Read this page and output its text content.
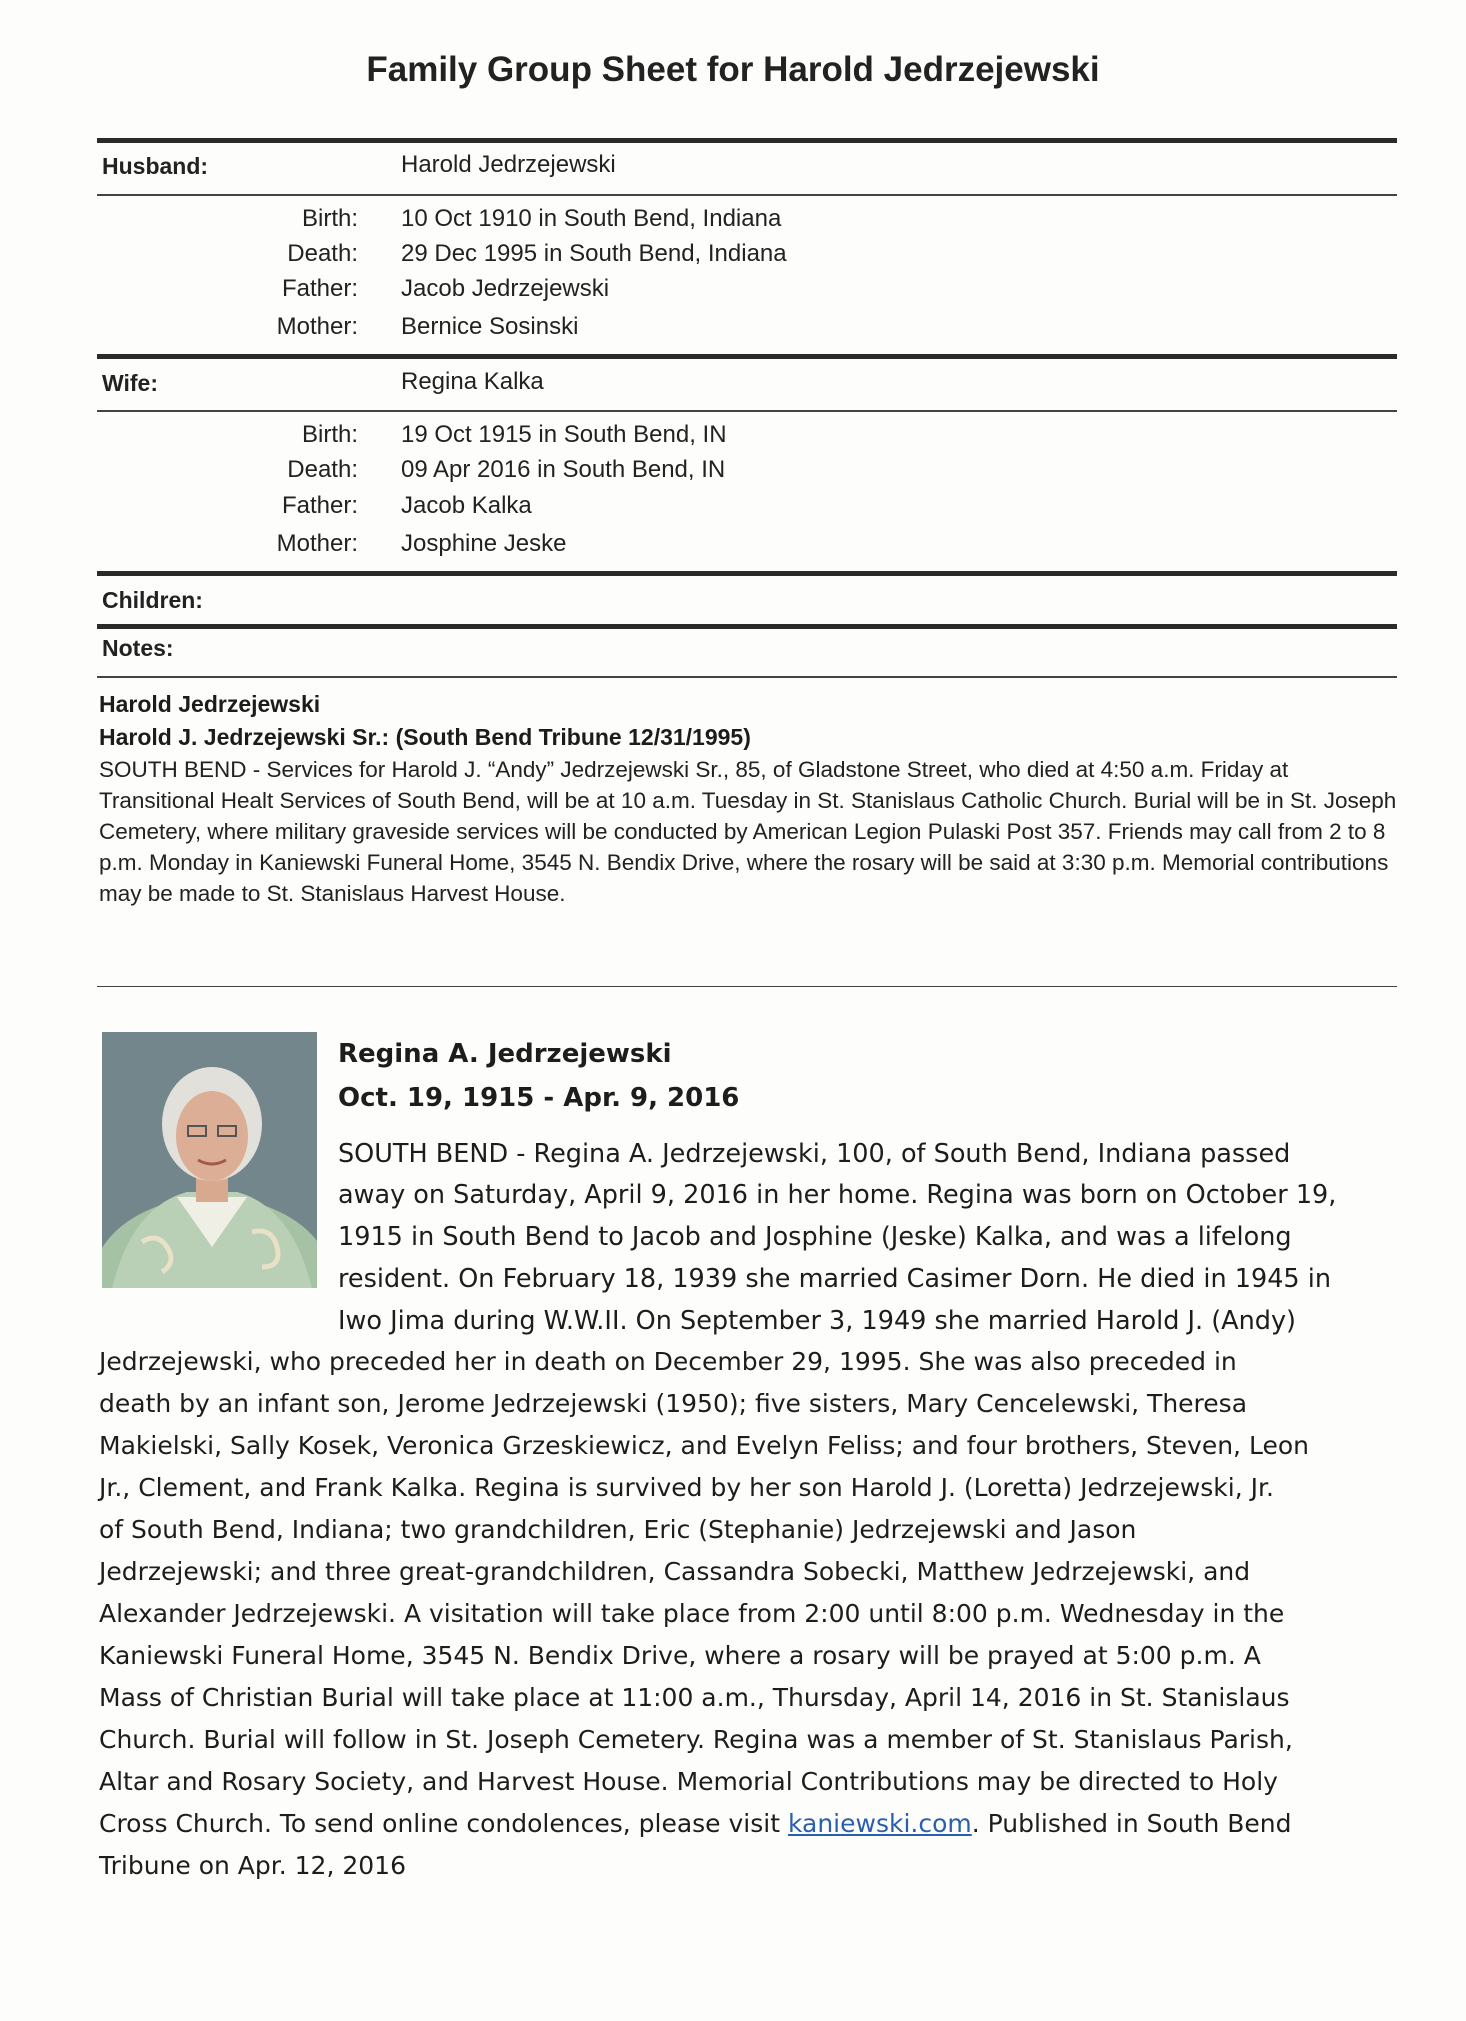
Family Group Sheet for Harold Jedrzejewski
Husband:	Harold Jedrzejewski
Birth: 10 Oct 1910 in South Bend, Indiana
Death: 29 Dec 1995 in South Bend, Indiana
Father: Jacob Jedrzejewski
Mother: Bernice Sosinski
Wife:	Regina Kalka
Birth: 19 Oct 1915 in South Bend, IN
Death: 09 Apr 2016 in South Bend, IN
Father: Jacob Kalka
Mother: Josphine Jeske
Children:
Notes:
Harold Jedrzejewski
Harold J. Jedrzejewski Sr.: (South Bend Tribune 12/31/1995)

SOUTH BEND - Services for Harold J. “Andy” Jedrzejewski Sr., 85, of Gladstone Street, who died at 4:50 a.m. Friday at Transitional Healt Services of South Bend, will be at 10 a.m. Tuesday in St. Stanislaus Catholic Church. Burial will be in St. Joseph Cemetery, where military graveside services will be conducted by American Legion Pulaski Post 357. Friends may call from 2 to 8 p.m. Monday in Kaniewski Funeral Home, 3545 N. Bendix Drive, where the rosary will be said at 3:30 p.m. Memorial contributions may be made to St. Stanislaus Harvest House.

Regina A. Jedrzejewski
Oct. 19, 1915 - Apr. 9, 2016
SOUTH BEND - Regina A. Jedrzejewski, 100, of South Bend, Indiana passed
away on Saturday, April 9, 2016 in her home. Regina was born on October 19,
1915 in South Bend to Jacob and Josphine (Jeske) Kalka, and was a lifelong
resident. On February 18, 1939 she married Casimer Dorn. He died in 1945 in
Iwo Jima during W.W.II. On September 3, 1949 she married Harold J. (Andy)
Jedrzejewski, who preceded her in death on December 29, 1995. She was also preceded in
death by an infant son, Jerome Jedrzejewski (1950); five sisters, Mary Cencelewski, Theresa
Makielski, Sally Kosek, Veronica Grzeskiewicz, and Evelyn Feliss; and four brothers, Steven, Leon
Jr., Clement, and Frank Kalka. Regina is survived by her son Harold J. (Loretta) Jedrzejewski, Jr.
of South Bend, Indiana; two grandchildren, Eric (Stephanie) Jedrzejewski and Jason
Jedrzejewski; and three great-grandchildren, Cassandra Sobecki, Matthew Jedrzejewski, and
Alexander Jedrzejewski. A visitation will take place from 2:00 until 8:00 p.m. Wednesday in the
Kaniewski Funeral Home, 3545 N. Bendix Drive, where a rosary will be prayed at 5:00 p.m. A
Mass of Christian Burial will take place at 11:00 a.m., Thursday, April 14, 2016 in St. Stanislaus
Church. Burial will follow in St. Joseph Cemetery. Regina was a member of St. Stanislaus Parish,
Altar and Rosary Society, and Harvest House. Memorial Contributions may be directed to Holy
Cross Church. To send online condolences, please visit kaniewski.com. Published in South Bend
Tribune on Apr. 12, 2016
